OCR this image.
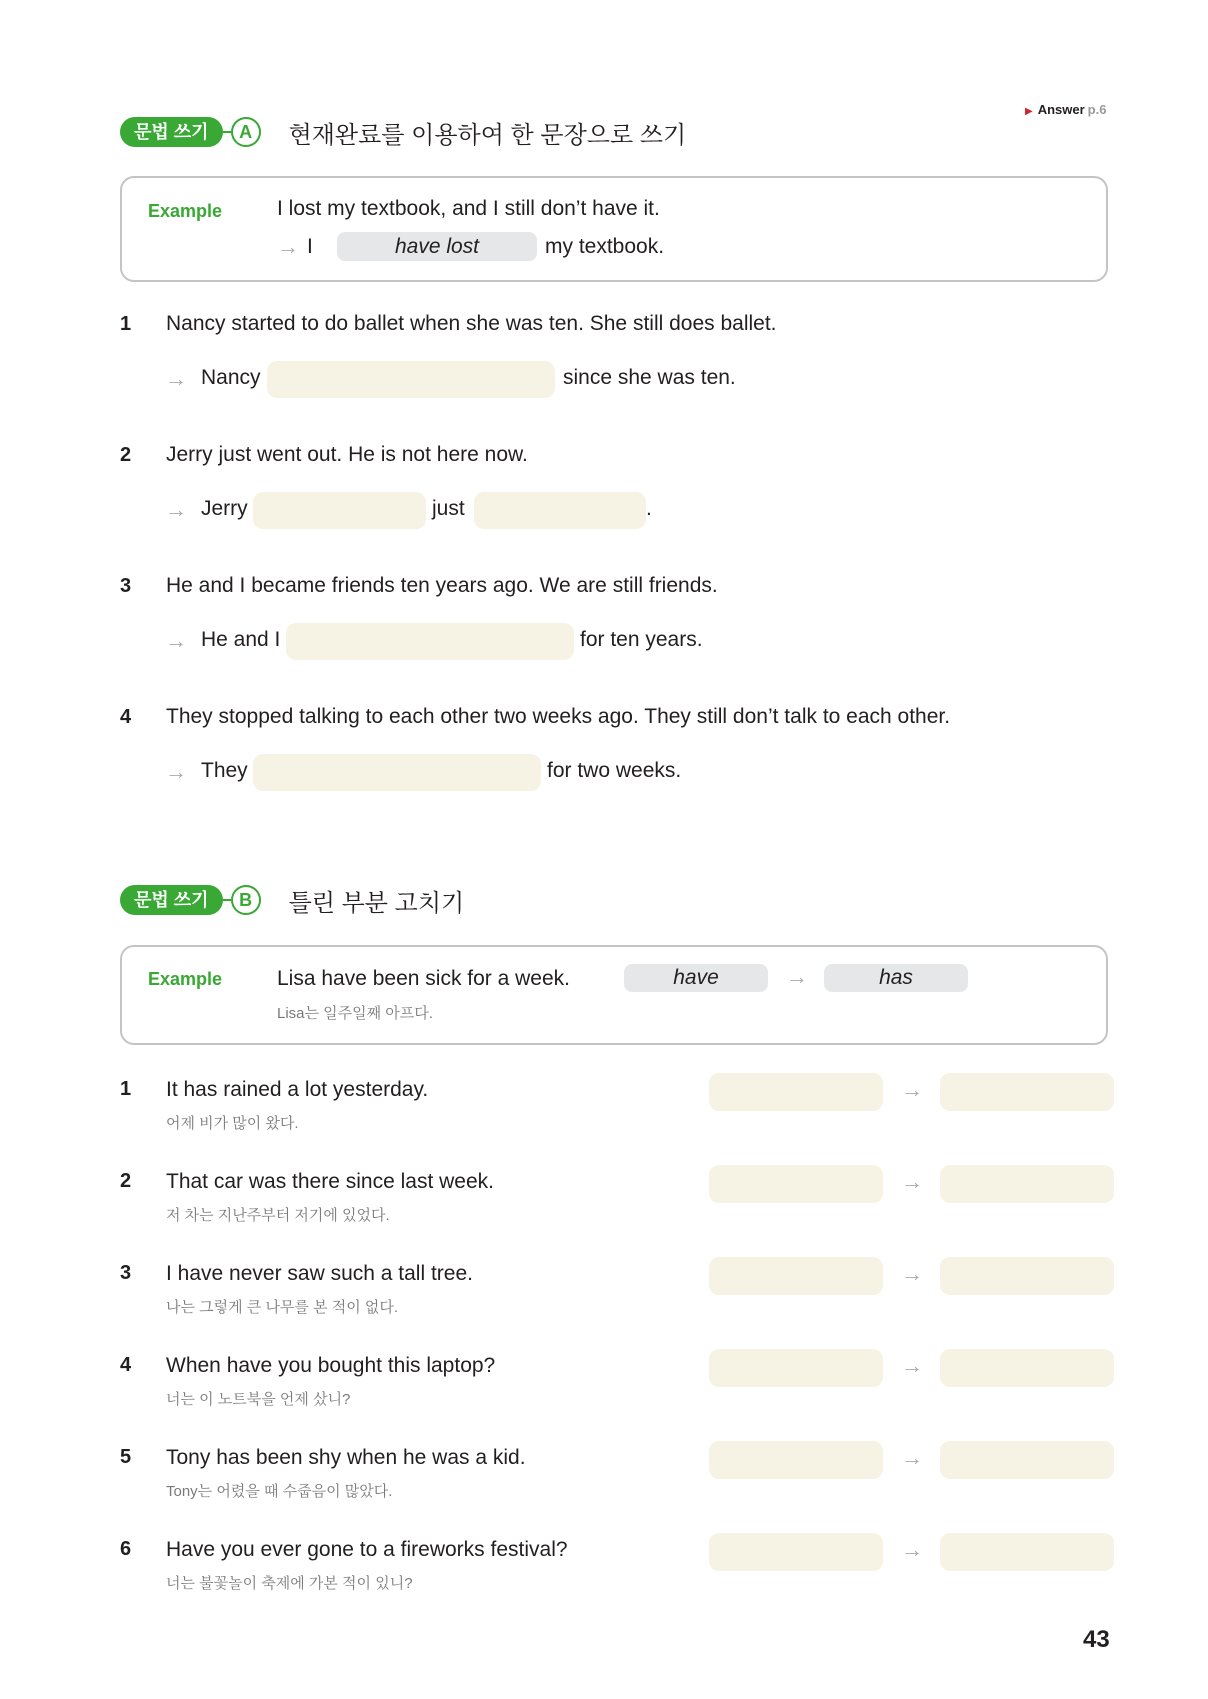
▶ Answer p.6
문법 쓰기	A	현재완료를 이용하여 한 문장으로 쓰기
Example	I lost my textbook, and I still don’t have it.
→ I	have lost	my textbook.
1 Nancy started to do ballet when she was ten. She still does ballet.
→ Nancy	since she was ten.
2 Jerry just went out. He is not here now.
→ Jerry	just	.
3 He and I became friends ten years ago. We are still friends.
→ He and I	for ten years.
4 They stopped talking to each other two weeks ago. They still don’t talk to each other.
→ They	for two weeks.
문법 쓰기	B	틀린 부분 고치기
Example	Lisa have been sick for a week.
Lisa는 일주일째 아프다.
have	→	has
1 It has rained a lot yesterday.
어제 비가 많이 왔다.
→
2 That car was there since last week.
저 차는 지난주부터 저기에 있었다.
→
3 I have never saw such a tall tree.
나는 그렇게 큰 나무를 본 적이 없다.
→
4 When have you bought this laptop?
너는 이 노트북을 언제 샀니?
→
5 Tony has been shy when he was a kid.
Tony는 어렸을 때 수줍음이 많았다.
→
6 Have you ever gone to a fireworks festival?
너는 불꽃놀이 축제에 가본 적이 있니?
→
43
